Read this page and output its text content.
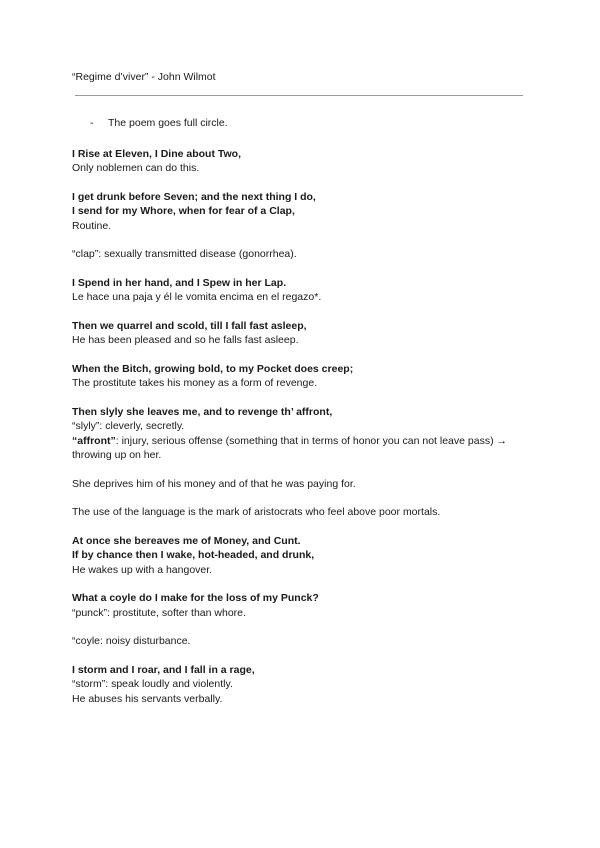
“Regime d’viver” - John Wilmot
-	The poem goes full circle.
I Rise at Eleven, I Dine about Two,
Only noblemen can do this.
I get drunk before Seven; and the next thing I do,
I send for my Whore, when for fear of a Clap,
Routine.
“clap”: sexually transmitted disease (gonorrhea).
I Spend in her hand, and I Spew in her Lap.
Le hace una paja y él le vomita encima en el regazo*.
Then we quarrel and scold, till I fall fast asleep,
He has been pleased and so he falls fast asleep.
When the Bitch, growing bold, to my Pocket does creep;
The prostitute takes his money as a form of revenge.
Then slyly she leaves me, and to revenge th’ affront,
“slyly”: cleverly, secretly.
“affront”: injury, serious offense (something that in terms of honor you can not leave pass) → throwing up on her.
She deprives him of his money and of that he was paying for.
The use of the language is the mark of aristocrats who feel above poor mortals.
At once she bereaves me of Money, and Cunt.
If by chance then I wake, hot-headed, and drunk,
He wakes up with a hangover.
What a coyle do I make for the loss of my Punck?
“punck”: prostitute, softer than whore.
“coyle: noisy disturbance.
I storm and I roar, and I fall in a rage,
“storm”: speak loudly and violently.
He abuses his servants verbally.
